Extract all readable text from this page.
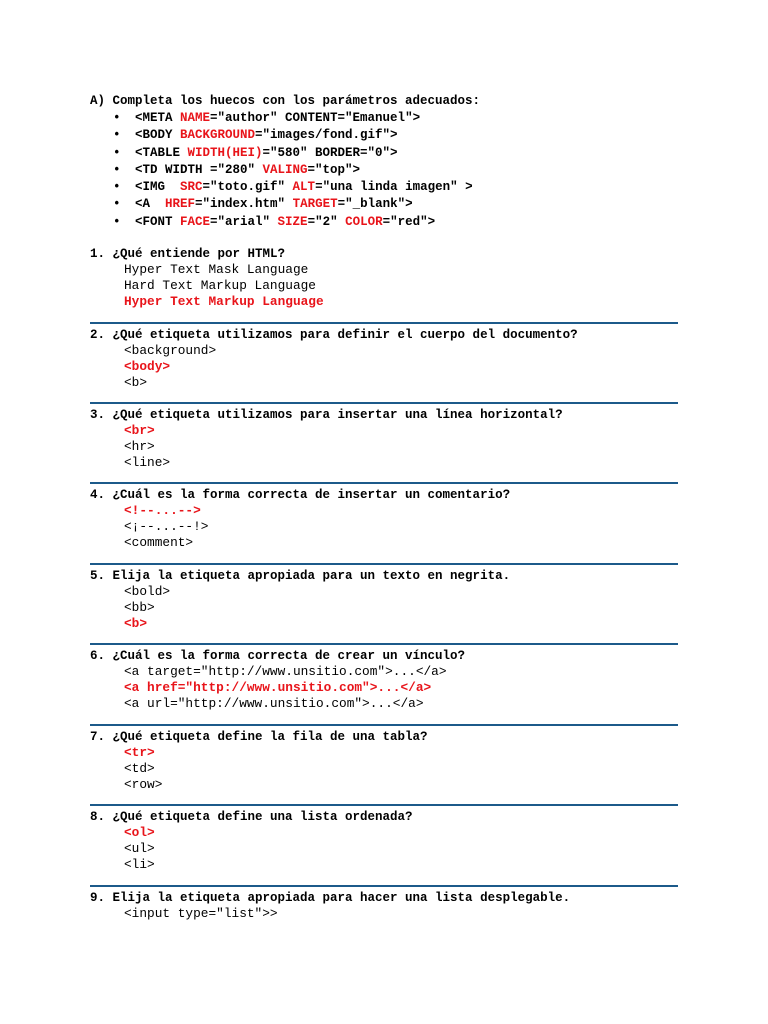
A) Completa los huecos con los parámetros adecuados:
• <META NAME="author" CONTENT="Emanuel">
• <BODY BACKGROUND="images/fond.gif">
• <TABLE WIDTH(HEI)="580" BORDER="0">
• <TD WIDTH ="280" VALING="top">
• <IMG  SRC="toto.gif" ALT="una linda imagen" >
• <A  HREF="index.htm" TARGET="_blank">
• <FONT FACE="arial" SIZE="2" COLOR="red">
1. ¿Qué entiende por HTML?
Hyper Text Mask Language
Hard Text Markup Language
Hyper Text Markup Language
2. ¿Qué etiqueta utilizamos para definir el cuerpo del documento?
<background>
<body>
<b>
3. ¿Qué etiqueta utilizamos para insertar una línea horizontal?
<br>
<hr>
<line>
4. ¿Cuál es la forma correcta de insertar un comentario?
<!--...-->
<¡--...--!>
<comment>
5. Elija la etiqueta apropiada para un texto en negrita.
<bold>
<bb>
<b>
6. ¿Cuál es la forma correcta de crear un vínculo?
<a target="http://www.unsitio.com">...</a>
<a href="http://www.unsitio.com">...</a>
<a url="http://www.unsitio.com">...</a>
7. ¿Qué etiqueta define la fila de una tabla?
<tr>
<td>
<row>
8. ¿Qué etiqueta define una lista ordenada?
<ol>
<ul>
<li>
9. Elija la etiqueta apropiada para hacer una lista desplegable.
<input type="list">>
